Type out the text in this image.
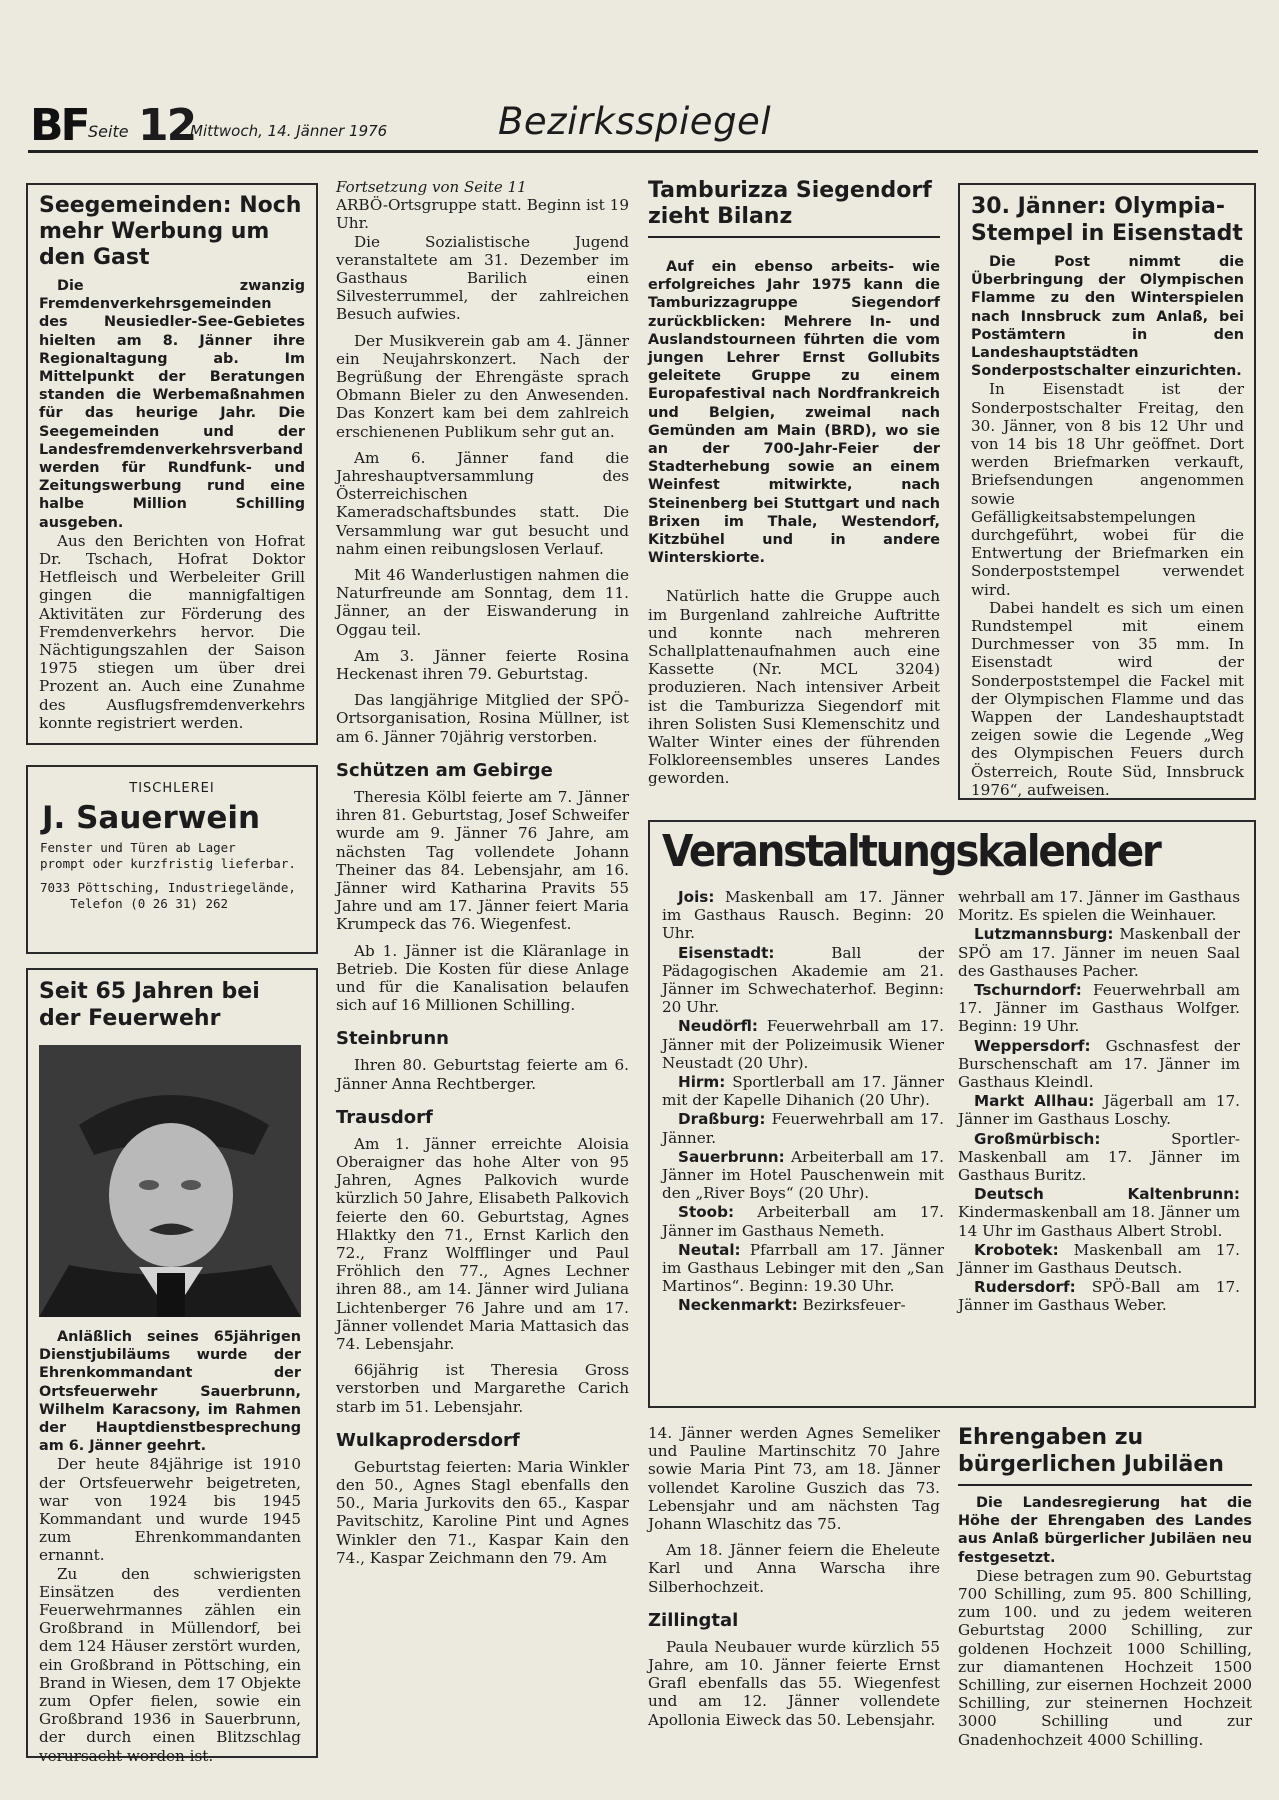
BF Seite 12
Mittwoch, 14. Jänner 1976	Bezirksspiegel
Seegemeinden: Noch mehr Werbung um den Gast

Die zwanzig Fremdenverkehrsgemeinden des Neusiedler-See-Gebietes hielten am 8. Jänner ihre Regionaltagung ab. Im Mittelpunkt der Beratungen standen die Werbemaßnahmen für das heurige Jahr. Die Seegemeinden und der Landesfremdenverkehrsverband werden für Rundfunk- und Zeitungswerbung rund eine halbe Million Schilling ausgeben.

Aus den Berichten von Hofrat Dr. Tschach, Hofrat Doktor Hetfleisch und Werbeleiter Grill gingen die mannigfaltigen Aktivitäten zur Förderung des Fremdenverkehrs hervor. Die Nächtigungszahlen der Saison 1975 stiegen um über drei Prozent an. Auch eine Zunahme des Ausflugsfremdenverkehrs konnte registriert werden.

TISCHLEREI
J. Sauerwein
Fenster und Türen ab Lager
prompt oder kurzfristig lieferbar.
7033 Pöttsching, Industriegelände,
Telefon (0 26 31) 262
Seit 65 Jahren bei der Feuerwehr

Anläßlich seines 65jährigen Dienstjubiläums wurde der Ehrenkommandant der Ortsfeuerwehr Sauerbrunn, Wilhelm Karacsony, im Rahmen der Hauptdienstbesprechung am 6. Jänner geehrt.

Der heute 84jährige ist 1910 der Ortsfeuerwehr beigetreten, war von 1924 bis 1945 Kommandant und wurde 1945 zum Ehrenkommandanten ernannt.

Zu den schwierigsten Einsätzen des verdienten Feuerwehrmannes zählen ein Großbrand in Müllendorf, bei dem 124 Häuser zerstört wurden, ein Großbrand in Pöttsching, ein Brand in Wiesen, dem 17 Objekte zum Opfer fielen, sowie ein Großbrand 1936 in Sauerbrunn, der durch einen Blitzschlag verursacht worden ist.

Fortsetzung von Seite 11

ARBÖ-Ortsgruppe statt. Beginn ist 19 Uhr.

Die Sozialistische Jugend veranstaltete am 31. Dezember im Gasthaus Barilich einen Silvesterrummel, der zahlreichen Besuch aufwies.

Der Musikverein gab am 4. Jänner ein Neujahrskonzert. Nach der Begrüßung der Ehrengäste sprach Obmann Bieler zu den Anwesenden. Das Konzert kam bei dem zahlreich erschienenen Publikum sehr gut an.

Am 6. Jänner fand die Jahreshauptversammlung des Österreichischen Kameradschaftsbundes statt. Die Versammlung war gut besucht und nahm einen reibungslosen Verlauf.

Mit 46 Wanderlustigen nahmen die Naturfreunde am Sonntag, dem 11. Jänner, an der Eiswanderung in Oggau teil.

Am 3. Jänner feierte Rosina Heckenast ihren 79. Geburtstag.

Das langjährige Mitglied der SPÖ-Ortsorganisation, Rosina Müllner, ist am 6. Jänner 70jährig verstorben.

Schützen am Gebirge

Theresia Kölbl feierte am 7. Jänner ihren 81. Geburtstag, Josef Schweifer wurde am 9. Jänner 76 Jahre, am nächsten Tag vollendete Johann Theiner das 84. Lebensjahr, am 16. Jänner wird Katharina Pravits 55 Jahre und am 17. Jänner feiert Maria Krumpeck das 76. Wiegenfest.

Ab 1. Jänner ist die Kläranlage in Betrieb. Die Kosten für diese Anlage und für die Kanalisation belaufen sich auf 16 Millionen Schilling.

Steinbrunn

Ihren 80. Geburtstag feierte am 6. Jänner Anna Rechtberger.

Trausdorf

Am 1. Jänner erreichte Aloisia Oberaigner das hohe Alter von 95 Jahren, Agnes Palkovich wurde kürzlich 50 Jahre, Elisabeth Palkovich feierte den 60. Geburtstag, Agnes Hlaktky den 71., Ernst Karlich den 72., Franz Wolfflinger und Paul Fröhlich den 77., Agnes Lechner ihren 88., am 14. Jänner wird Juliana Lichtenberger 76 Jahre und am 17. Jänner vollendet Maria Mattasich das 74. Lebensjahr.

66jährig ist Theresia Gross verstorben und Margarethe Carich starb im 51. Lebensjahr.

Wulkaprodersdorf

Geburtstag feierten: Maria Winkler den 50., Agnes Stagl ebenfalls den 50., Maria Jurkovits den 65., Kaspar Pavitschitz, Karoline Pint und Agnes Winkler den 71., Kaspar Kain den 74., Kaspar Zeichmann den 79. Am

Tamburizza Siegendorf zieht Bilanz

Auf ein ebenso arbeits- wie erfolgreiches Jahr 1975 kann die Tamburizzagruppe Siegendorf zurückblicken: Mehrere In- und Auslandstourneen führten die vom jungen Lehrer Ernst Gollubits geleitete Gruppe zu einem Europafestival nach Nordfrankreich und Belgien, zweimal nach Gemünden am Main (BRD), wo sie an der 700-Jahr-Feier der Stadterhebung sowie an einem Weinfest mitwirkte, nach Steinenberg bei Stuttgart und nach Brixen im Thale, Westendorf, Kitzbühel und in andere Winterskiorte.

Natürlich hatte die Gruppe auch im Burgenland zahlreiche Auftritte und konnte nach mehreren Schallplattenaufnahmen auch eine Kassette (Nr. MCL 3204) produzieren. Nach intensiver Arbeit ist die Tamburizza Siegendorf mit ihren Solisten Susi Klemenschitz und Walter Winter eines der führenden Folkloreensembles unseres Landes geworden.

30. Jänner: Olympia-Stempel in Eisenstadt

Die Post nimmt die Überbringung der Olympischen Flamme zu den Winterspielen nach Innsbruck zum Anlaß, bei Postämtern in den Landeshauptstädten Sonderpostschalter einzurichten.

In Eisenstadt ist der Sonderpostschalter Freitag, den 30. Jänner, von 8 bis 12 Uhr und von 14 bis 18 Uhr geöffnet. Dort werden Briefmarken verkauft, Briefsendungen angenommen sowie Gefälligkeitsabstempelungen durchgeführt, wobei für die Entwertung der Briefmarken ein Sonderpoststempel verwendet wird.

Dabei handelt es sich um einen Rundstempel mit einem Durchmesser von 35 mm. In Eisenstadt wird der Sonderpoststempel die Fackel mit der Olympischen Flamme und das Wappen der Landeshauptstadt zeigen sowie die Legende „Weg des Olympischen Feuers durch Österreich, Route Süd, Innsbruck 1976“, aufweisen.

Veranstaltungskalender

Jois: Maskenball am 17. Jänner im Gasthaus Rausch. Beginn: 20 Uhr.

Eisenstadt:	Ball der Pädagogischen Akademie am 21. Jänner im Schwechaterhof. Beginn: 20 Uhr.

Neudörfl: Feuerwehrball am 17. Jänner mit der Polizeimusik Wiener Neustadt (20 Uhr).

Hirm: Sportlerball am 17. Jänner mit der Kapelle Dihanich (20 Uhr).

Draßburg: Feuerwehrball am 17. Jänner.

Sauerbrunn: Arbeiterball am 17. Jänner im Hotel Pauschenwein mit den „River Boys“ (20 Uhr).

Stoob: Arbeiterball am 17. Jänner im Gasthaus Nemeth.

Neutal: Pfarrball am 17. Jänner im Gasthaus Lebinger mit den „San Martinos“. Beginn: 19.30 Uhr.

Neckenmarkt: Bezirksfeuer-

wehrball am 17. Jänner im Gasthaus Moritz. Es spielen die Weinhauer.

Lutzmannsburg: Maskenball der SPÖ am 17. Jänner im neuen Saal des Gasthauses Pacher.

Tschurndorf: Feuerwehrball am 17. Jänner im Gasthaus Wolfger. Beginn: 19 Uhr.

Weppersdorf: Gschnasfest der Burschenschaft am 17. Jänner im Gasthaus Kleindl.

Markt Allhau: Jägerball am 17. Jänner im Gasthaus Loschy.

Großmürbisch:	Sportler-Maskenball am 17. Jänner im Gasthaus Buritz.

Deutsch Kaltenbrunn: Kindermaskenball am 18. Jänner um 14 Uhr im Gasthaus Albert Strobl.

Krobotek: Maskenball am 17. Jänner im Gasthaus Deutsch.

Rudersdorf: SPÖ-Ball am 17. Jänner im Gasthaus Weber.

14. Jänner werden Agnes Semeliker und Pauline Martinschitz 70 Jahre sowie Maria Pint 73, am 18. Jänner vollendet Karoline Guszich das 73. Lebensjahr und am nächsten Tag Johann Wlaschitz das 75.

Am 18. Jänner feiern die Eheleute Karl und Anna Warscha ihre Silberhochzeit.

Zillingtal

Paula Neubauer wurde kürzlich 55 Jahre, am 10. Jänner feierte Ernst Grafl ebenfalls das 55. Wiegenfest und am 12. Jänner vollendete Apollonia Eiweck das 50. Lebensjahr.

Ehrengaben zu bürgerlichen Jubiläen

Die Landesregierung hat die Höhe der Ehrengaben des Landes aus Anlaß bürgerlicher Jubiläen neu festgesetzt.

Diese betragen zum 90. Geburtstag 700 Schilling, zum 95. 800 Schilling, zum 100. und zu jedem weiteren Geburtstag 2000 Schilling, zur goldenen Hochzeit 1000 Schilling, zur diamantenen Hochzeit 1500 Schilling, zur eisernen Hochzeit 2000 Schilling, zur steinernen Hochzeit 3000 Schilling und zur Gnadenhochzeit 4000 Schilling.
